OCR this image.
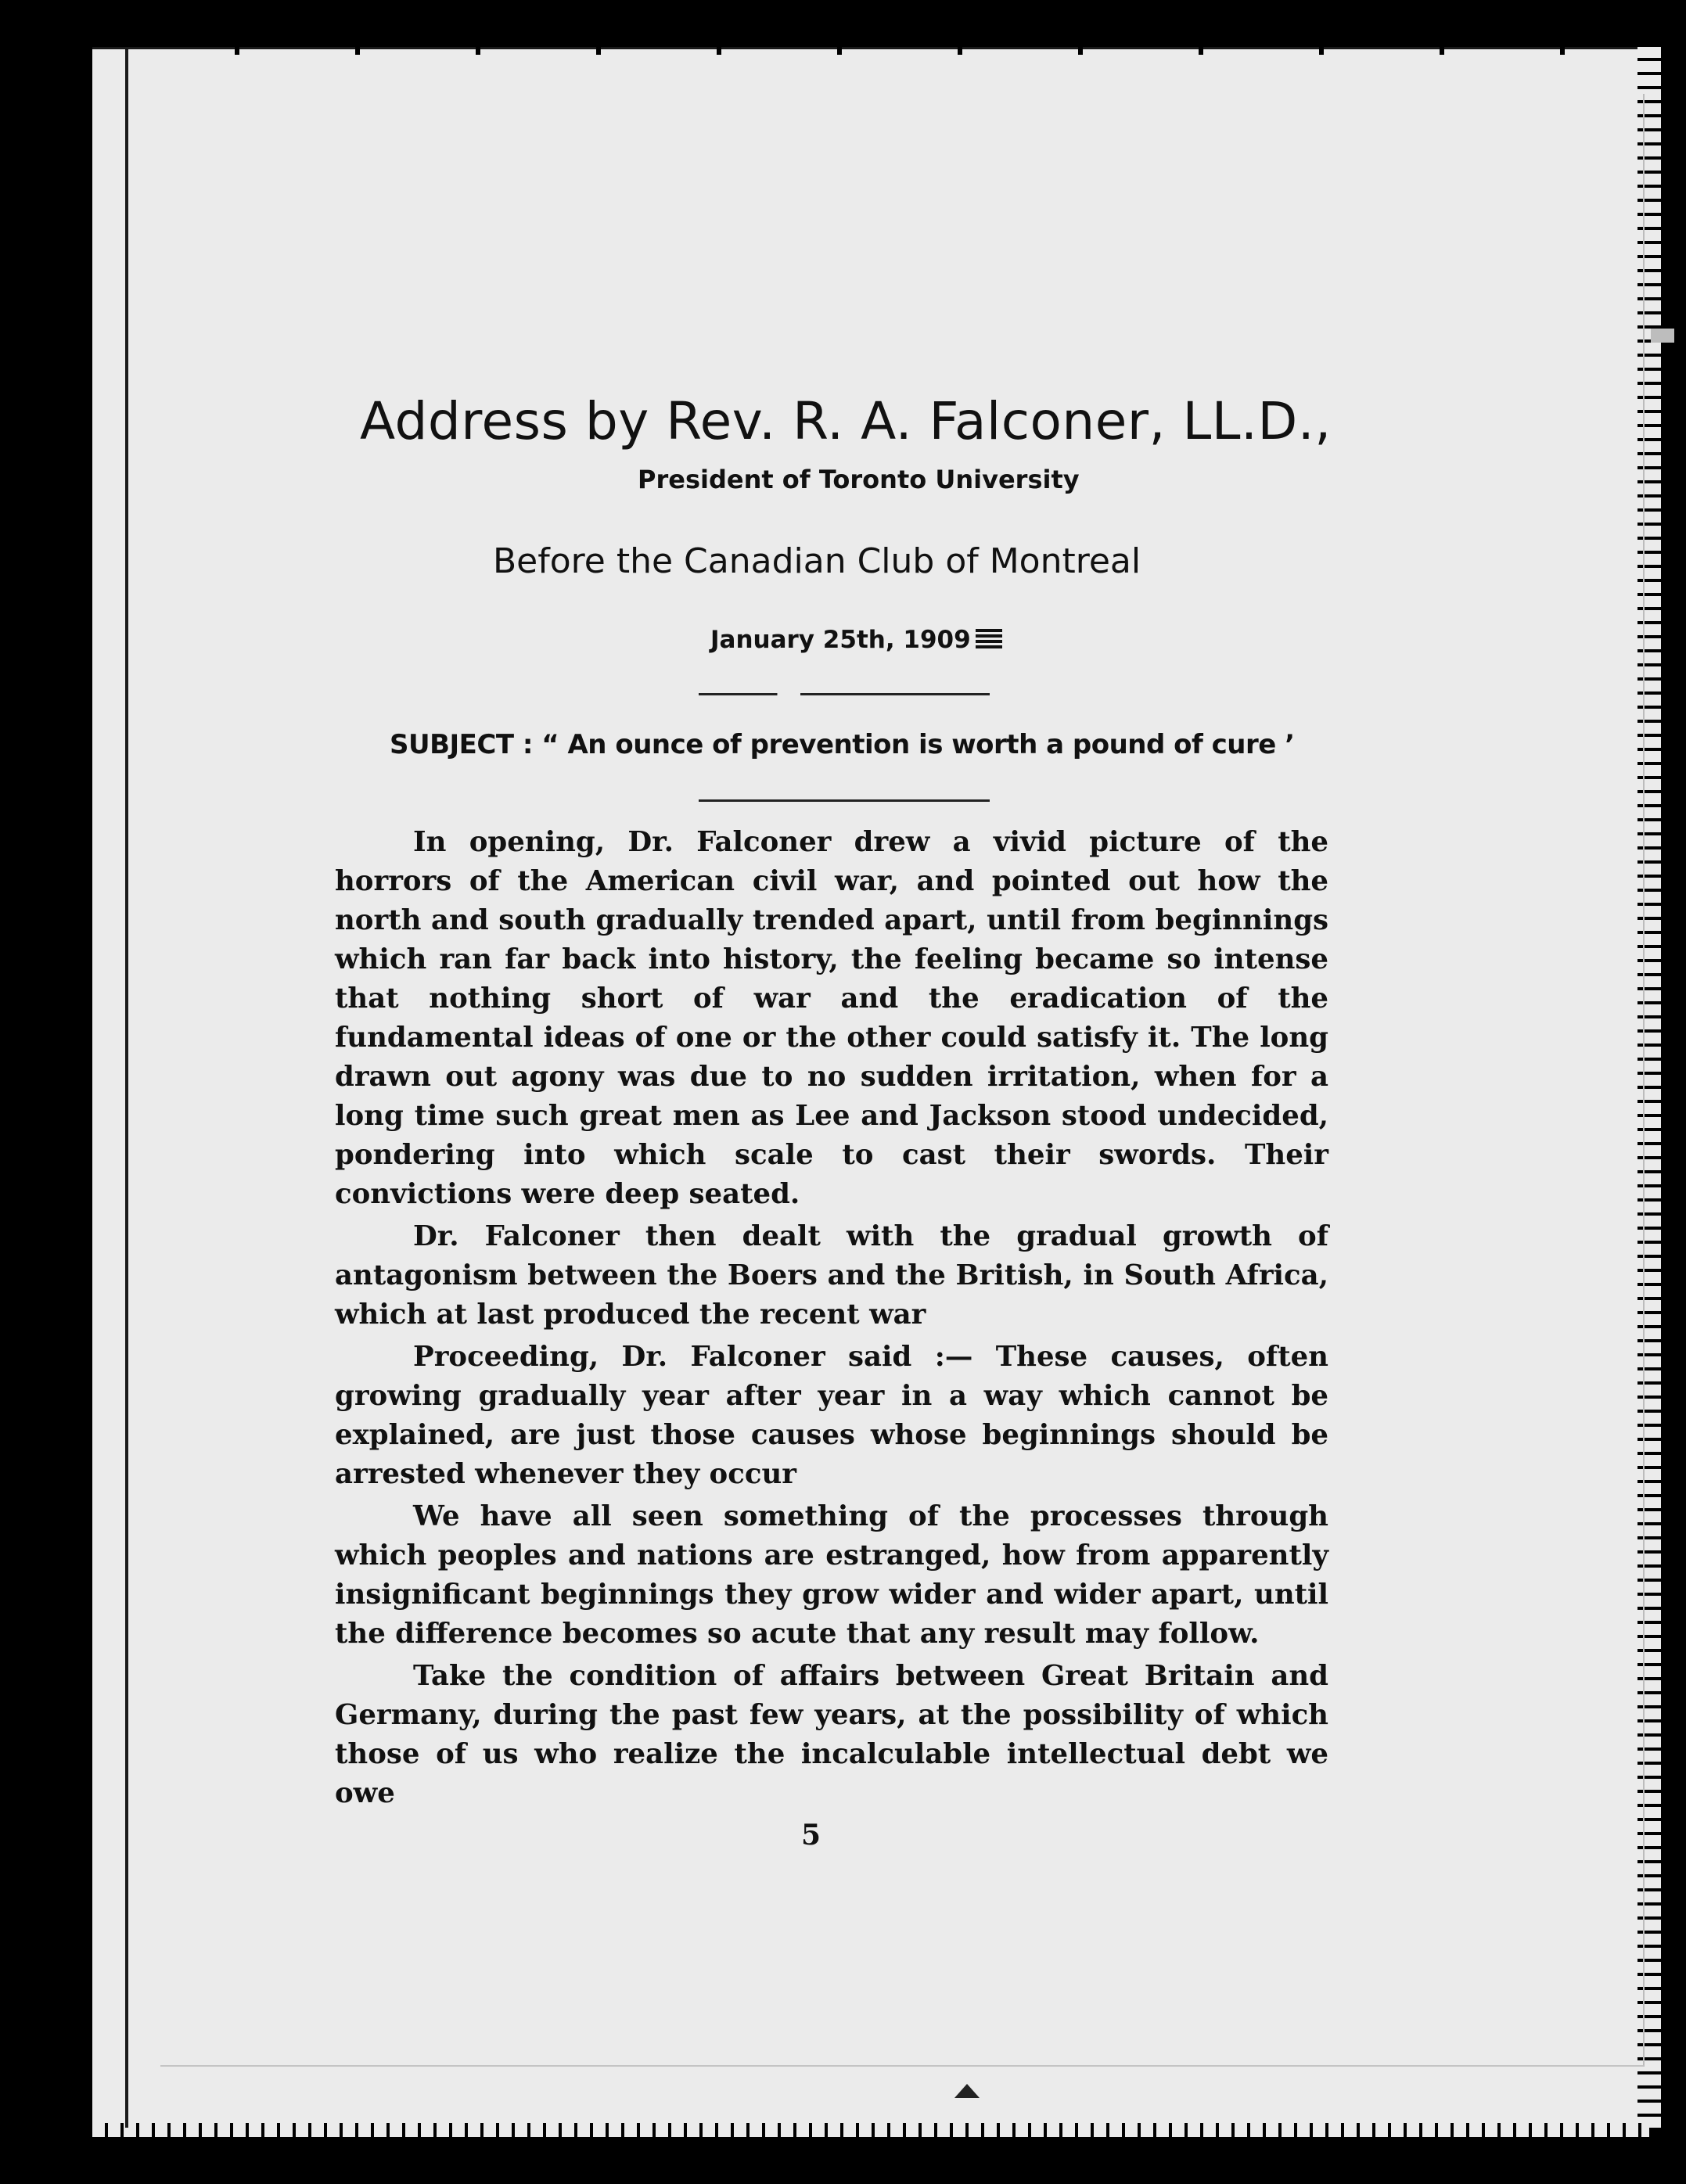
Address by Rev. R. A. Falconer, LL.D.,
President of Toronto University
Before the Canadian Club of Montreal
January 25th, 1909
SUBJECT : “ An ounce of prevention is worth a pound of cure ’

In opening, Dr. Falconer drew a vivid picture of the horrors of the American civil war, and pointed out how the north and south gradually trended apart, until from beginnings which ran far back into history, the feeling became so intense that nothing short of war and the eradication of the fundamental ideas of one or the other could satisfy it. The long drawn out agony was due to no sudden irritation, when for a long time such great men as Lee and Jackson stood undecided, pondering into which scale to cast their swords. Their convictions were deep seated.

Dr. Falconer then dealt with the gradual growth of antagonism between the Boers and the British, in South Africa, which at last produced the recent war

Proceeding, Dr. Falconer said :— These causes, often growing gradually year after year in a way which cannot be explained, are just those causes whose beginnings should be arrested whenever they occur

We have all seen something of the processes through which peoples and nations are estranged, how from apparently insignificant beginnings they grow wider and wider apart, until the difference becomes so acute that any result may follow.

Take the condition of affairs between Great Britain and Germany, during the past few years, at the possibility of which those of us who realize the incalculable intellectual debt we owe

5
